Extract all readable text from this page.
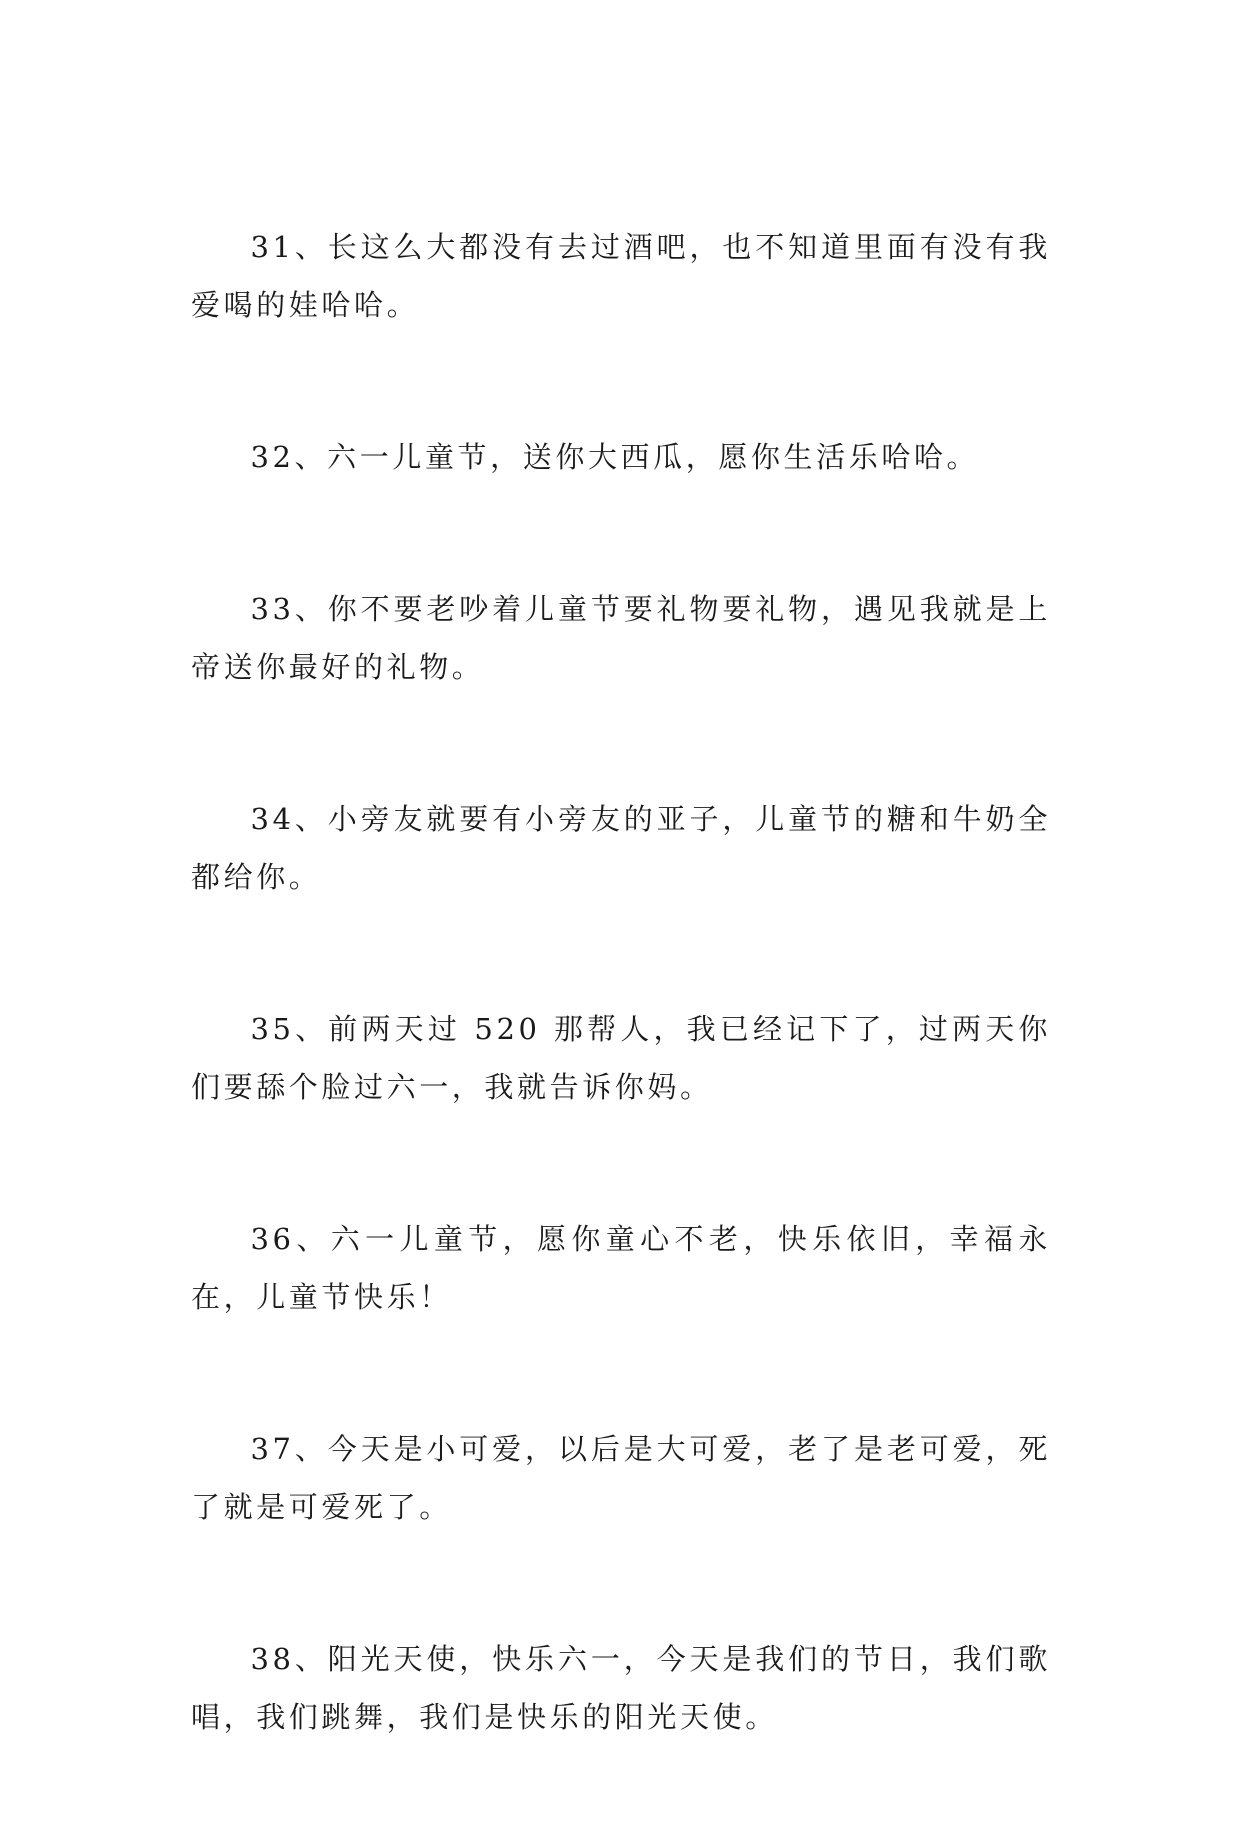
31、长这么大都没有去过酒吧，也不知道里面有没有我爱喝的娃哈哈。

32、六一儿童节，送你大西瓜，愿你生活乐哈哈。

33、你不要老吵着儿童节要礼物要礼物，遇见我就是上帝送你最好的礼物。

34、小旁友就要有小旁友的亚子，儿童节的糖和牛奶全都给你。

35、前两天过 520 那帮人，我已经记下了，过两天你们要舔个脸过六一，我就告诉你妈。

36、六一儿童节，愿你童心不老，快乐依旧，幸福永在，儿童节快乐！

37、今天是小可爱，以后是大可爱，老了是老可爱，死了就是可爱死了。

38、阳光天使，快乐六一，今天是我们的节日，我们歌唱，我们跳舞，我们是快乐的阳光天使。
